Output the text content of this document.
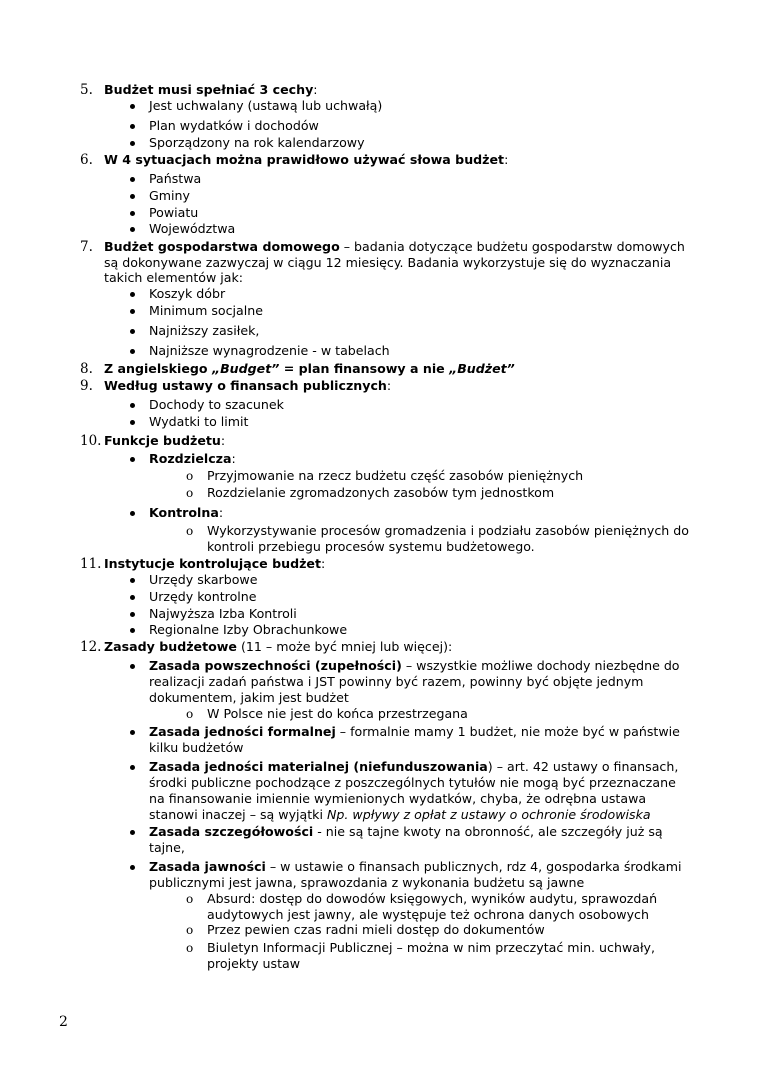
5. Budżet musi spełniać 3 cechy:
Jest uchwalany (ustawą lub uchwałą)
Plan wydatków i dochodów
Sporządzony na rok kalendarzowy
6. W 4 sytuacjach można prawidłowo używać słowa budżet:
Państwa
Gminy
Powiatu
Województwa
7. Budżet gospodarstwa domowego – badania dotyczące budżetu gospodarstw domowych
są dokonywane zazwyczaj w ciągu 12 miesięcy. Badania wykorzystuje się do wyznaczania
takich elementów jak:
Koszyk dóbr
Minimum socjalne
Najniższy zasiłek,
Najniższe wynagrodzenie - w tabelach
8. Z angielskiego „Budget” = plan finansowy a nie „Budżet”
9. Według ustawy o finansach publicznych:
Dochody to szacunek
Wydatki to limit
10. Funkcje budżetu:
Rozdzielcza:
o Przyjmowanie na rzecz budżetu część zasobów pieniężnych
o Rozdzielanie zgromadzonych zasobów tym jednostkom
Kontrolna:
o Wykorzystywanie procesów gromadzenia i podziału zasobów pieniężnych do
kontroli przebiegu procesów systemu budżetowego.
11. Instytucje kontrolujące budżet:
Urzędy skarbowe
Urzędy kontrolne
Najwyższa Izba Kontroli
Regionalne Izby Obrachunkowe
12. Zasady budżetowe (11 – może być mniej lub więcej):
Zasada powszechności (zupełności) – wszystkie możliwe dochody niezbędne do
realizacji zadań państwa i JST powinny być razem, powinny być objęte jednym
dokumentem, jakim jest budżet
o W Polsce nie jest do końca przestrzegana
Zasada jedności formalnej – formalnie mamy 1 budżet, nie może być w państwie
kilku budżetów
Zasada jedności materialnej (niefunduszowania) – art. 42 ustawy o finansach,
środki publiczne pochodzące z poszczególnych tytułów nie mogą być przeznaczane
na finansowanie imiennie wymienionych wydatków, chyba, że odrębna ustawa
stanowi inaczej – są wyjątki Np. wpływy z opłat z ustawy o ochronie środowiska
Zasada szczegółowości - nie są tajne kwoty na obronność, ale szczegóły już są
tajne,
Zasada jawności – w ustawie o finansach publicznych, rdz 4, gospodarka środkami
publicznymi jest jawna, sprawozdania z wykonania budżetu są jawne
o Absurd: dostęp do dowodów księgowych, wyników audytu, sprawozdań
audytowych jest jawny, ale występuje też ochrona danych osobowych
o Przez pewien czas radni mieli dostęp do dokumentów
o Biuletyn Informacji Publicznej – można w nim przeczytać min. uchwały,
projekty ustaw
2
